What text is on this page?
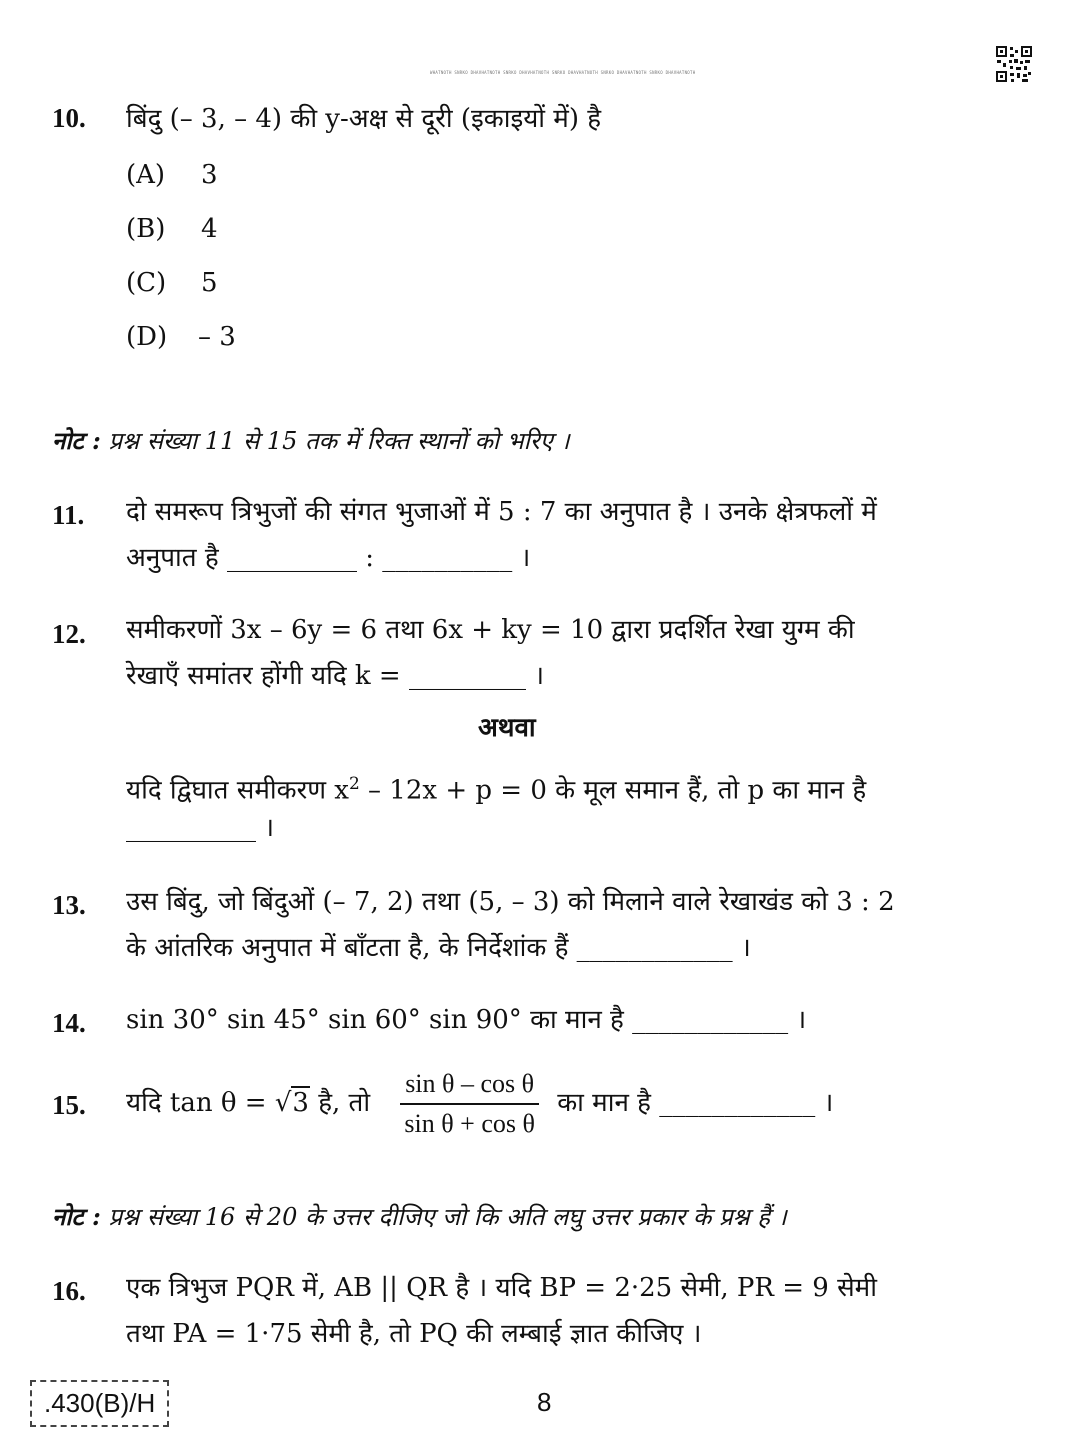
WHATNOTH SNRKO DHAVHATNOTH SNRKO DHAVHATNOTH SNRKO DHAVHATNOTH SNRKO DHAVHATNOTH SNRKO DHAVHATNOTH
10. बिंदु (– 3, – 4) की y-अक्ष से दूरी (इकाइयों में) है
(A) 3
(B) 4
(C) 5
(D) – 3
नोट : प्रश्न संख्या 11 से 15 तक में रिक्त स्थानों को भरिए ।
11. दो समरूप त्रिभुजों की संगत भुजाओं में 5 : 7 का अनुपात है । उनके क्षेत्रफलों में
अनुपात है __________ : __________ ।
12. समीकरणों 3x – 6y = 6 तथा 6x + ky = 10 द्वारा प्रदर्शित रेखा युग्म की
रेखाएँ समांतर होंगी यदि k = _________ ।
अथवा
यदि द्विघात समीकरण $x^2 - 12x + p = 0$ के मूल समान हैं, तो p का मान है
__________ ।
13. उस बिंदु, जो बिंदुओं (– 7, 2) तथा (5, – 3) को मिलाने वाले रेखाखंड को 3 : 2
के आंतरिक अनुपात में बाँटता है, के निर्देशांक हैं ____________ ।
14. sin 30° sin 45° sin 60° sin 90° का मान है ____________ ।
15. यदि tan θ = √3 है, तो $\frac{\text{sin θ – cos θ}}{\text{sin θ + cos θ}}$ का मान है ____________ ।
नोट : प्रश्न संख्या 16 से 20 के उत्तर दीजिए जो कि अति लघु उत्तर प्रकार के प्रश्न हैं ।
16. एक त्रिभुज PQR में, AB || QR है । यदि BP = 2·25 सेमी, PR = 9 सेमी
तथा PA = 1·75 सेमी है, तो PQ की लम्बाई ज्ञात कीजिए ।
.430(B)/H	8
